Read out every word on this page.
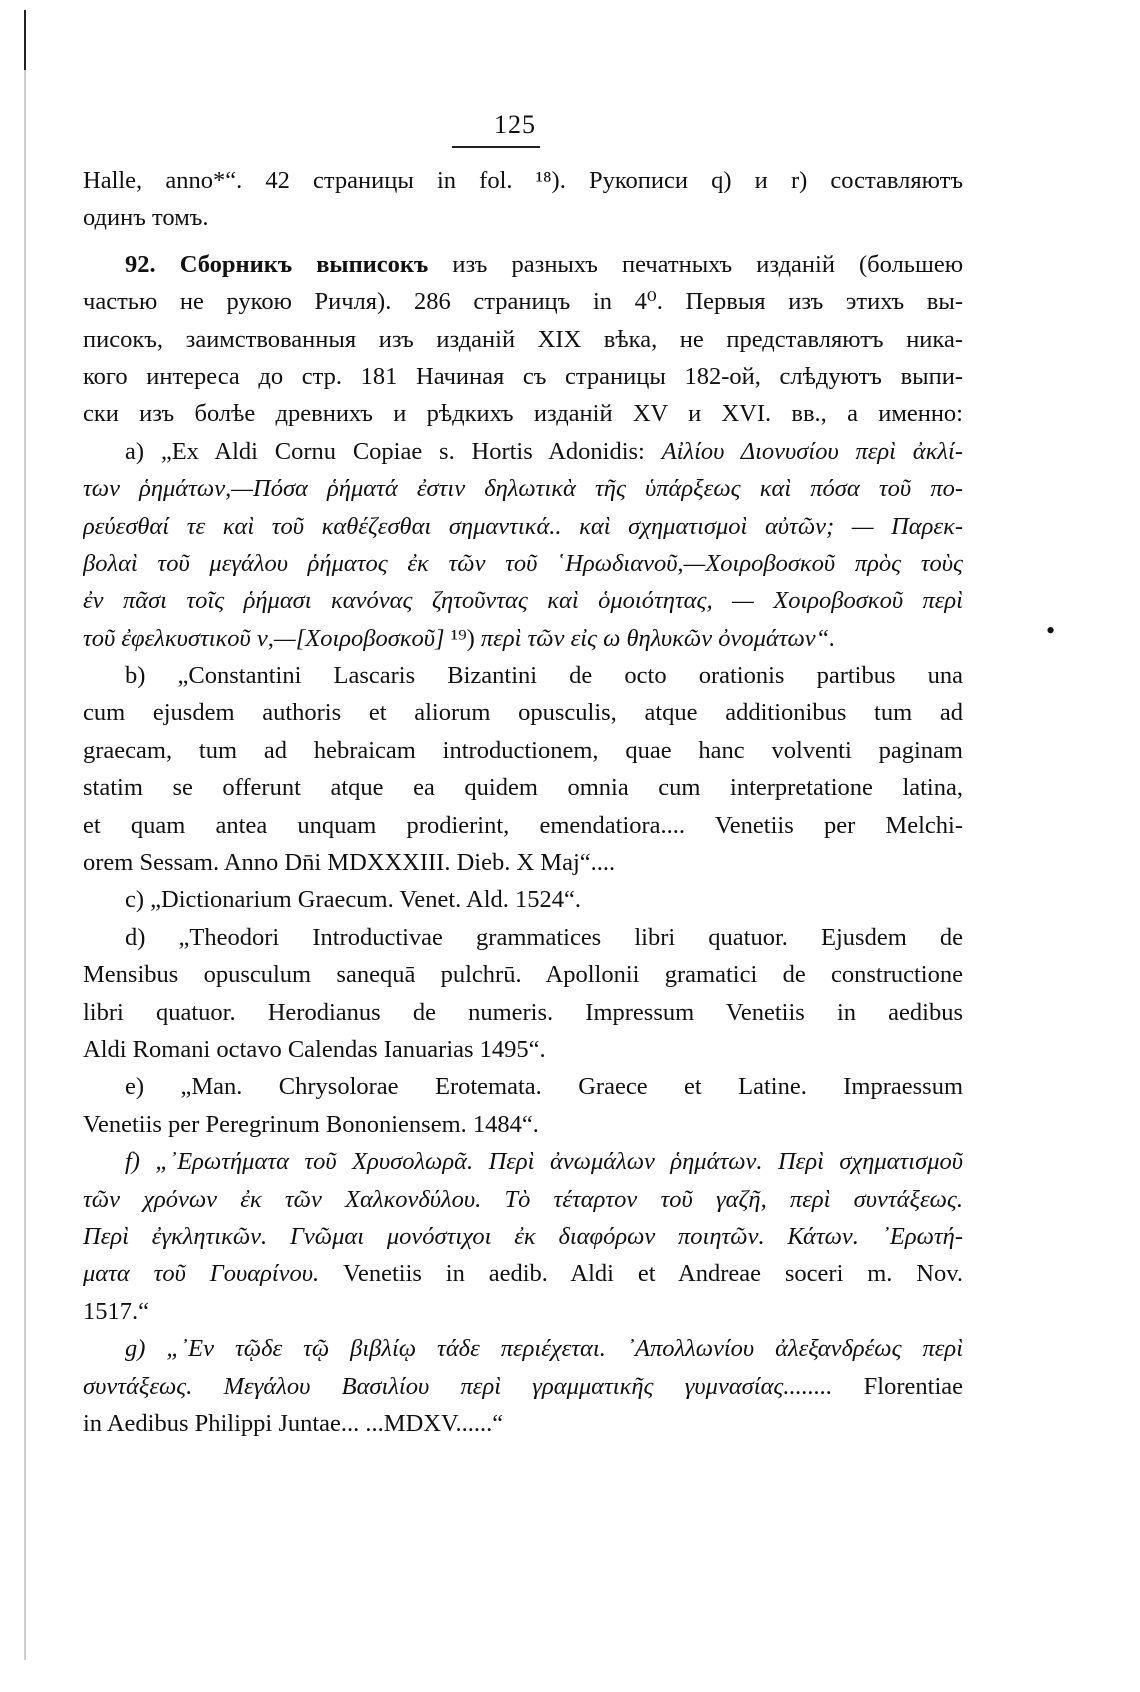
125
Halle, anno*“. 42 страницы in fol. ¹⁸). Рукописи q) и r) составляютъ
одинъ томъ.
92. Сборникъ выписокъ изъ разныхъ печатныхъ изданій (большею
частью не рукою Ричля). 286 страницъ in 4⁰. Первыя изъ этихъ вы-
писокъ, заимствованныя изъ изданій XIX вѣка, не представляютъ ника-
кого интереса до стр. 181 Начиная съ страницы 182-ой, слѣдуютъ выпи-
ски изъ болѣе древнихъ и рѣдкихъ изданій XV и XVI. вв., а именно:
a) „Ex Aldi Cornu Copiae s. Hortis Adonidis: Αἰλίου Διονυσίου περὶ ἀκλί-
των ῥημάτων,—Πόσα ῥήματά ἐστιν δηλωτικὰ τῆς ὑπάρξεως καὶ πόσα τοῦ πο-
ρεύεσθαί τε καὶ τοῦ καθέζεσθαι σημαντικά.. καὶ σχηματισμοὶ αὐτῶν; — Παρεκ-
βολαὶ τοῦ μεγάλου ῥήματος ἐκ τῶν τοῦ ῾Ηρωδιανοῦ,—Χοιροβοσκοῦ πρὸς τοὺς
ἐν πᾶσι τοῖς ῥήμασι κανόνας ζητοῦντας καὶ ὁμοιότητας, — Χοιροβοσκοῦ περὶ
τοῦ ἐφελκυστικοῦ ν,—[Χοιροβοσκοῦ] ¹⁹) περὶ τῶν εἰς ω θηλυκῶν ὀνομάτων“.
b) „Constantini Lascaris Bizantini de octo orationis partibus una
cum ejusdem authoris et aliorum opusculis, atque additionibus tum ad
graecam, tum ad hebraicam introductionem, quae hanc volventi paginam
statim se offerunt atque ea quidem omnia cum interpretatione latina,
et quam antea unquam prodierint, emendatiora.... Venetiis per Melchi-
orem Sessam. Anno Dn̄i MDXXXIII. Dieb. X Maj“....
c) „Dictionarium Graecum. Venet. Ald. 1524“.
d) „Theodori Introductivae grammatices libri quatuor. Ejusdem de
Mensibus opusculum sanequā pulchrū. Apollonii gramatici de constructione
libri quatuor. Herodianus de numeris. Impressum Venetiis in aedibus
Aldi Romani octavo Calendas Ianuarias 1495“.
e) „Man. Chrysolorae Erotemata. Graece et Latine. Impraessum
Venetiis per Peregrinum Bononiensem. 1484“.
f) „᾿Ερωτήματα τοῦ Χρυσολωρᾶ. Περὶ ἀνωμάλων ῥημάτων. Περὶ σχηματισμοῦ
τῶν χρόνων ἐκ τῶν Χαλκονδύλου. Τὸ τέταρτον τοῦ γαζῆ, περὶ συντάξεως.
Περὶ ἐγκλητικῶν. Γνῶμαι μονόστιχοι ἐκ διαφόρων ποιητῶν. Κάτων. ᾿Ερωτή-
ματα τοῦ Γουαρίνου. Venetiis in aedib. Aldi et Andreae soceri m. Nov.
1517.“
g) „᾿Εν τῷδε τῷ βιβλίῳ τάδε περιέχεται. ᾿Απολλωνίου ἀλεξανδρέως περὶ
συντάξεως. Μεγάλου Βασιλίου περὶ γραμματικῆς γυμνασίας........ Florentiae
in Aedibus Philippi Juntae... ...MDXV......“
•
